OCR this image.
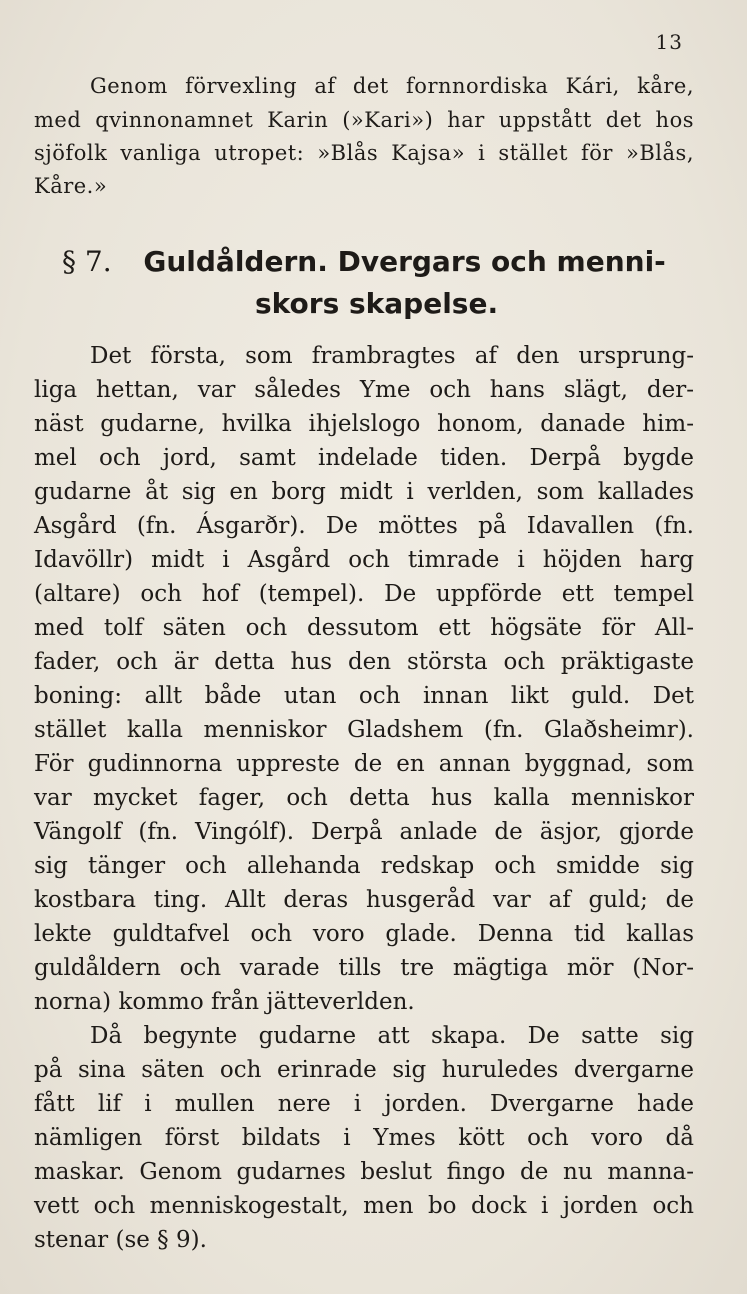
13
Genom förvexling af det fornnordiska Kári, kåre,
med qvinnonamnet Karin (»Kari») har uppstått det hos
sjöfolk vanliga utropet: »Blås Kajsa» i stället för »Blås,
Kåre.»
§ 7. Guldåldern. Dvergars och menni-
skors skapelse.
Det första, som frambragtes af den ursprung-
liga hettan, var således Yme och hans slägt, der-
näst gudarne, hvilka ihjelslogo honom, danade him-
mel och jord, samt indelade tiden. Derpå bygde
gudarne åt sig en borg midt i verlden, som kallades
Asgård (fn. Ásgarðr). De möttes på Idavallen (fn.
Idavöllr) midt i Asgård och timrade i höjden harg
(altare) och hof (tempel). De uppförde ett tempel
med tolf säten och dessutom ett högsäte för All-
fader, och är detta hus den största och präktigaste
boning: allt både utan och innan likt guld. Det
stället kalla menniskor Gladshem (fn. Glaðsheimr).
För gudinnorna uppreste de en annan byggnad, som
var mycket fager, och detta hus kalla menniskor
Vängolf (fn. Vingólf). Derpå anlade de äsjor, gjorde
sig tänger och allehanda redskap och smidde sig
kostbara ting. Allt deras husgeråd var af guld; de
lekte guldtafvel och voro glade. Denna tid kallas
guldåldern och varade tills tre mägtiga mör (Nor-
norna) kommo från jätteverlden.
Då begynte gudarne att skapa. De satte sig
på sina säten och erinrade sig huruledes dvergarne
fått lif i mullen nere i jorden. Dvergarne hade
nämligen först bildats i Ymes kött och voro då
maskar. Genom gudarnes beslut fingo de nu manna-
vett och menniskogestalt, men bo dock i jorden och
stenar (se § 9).
